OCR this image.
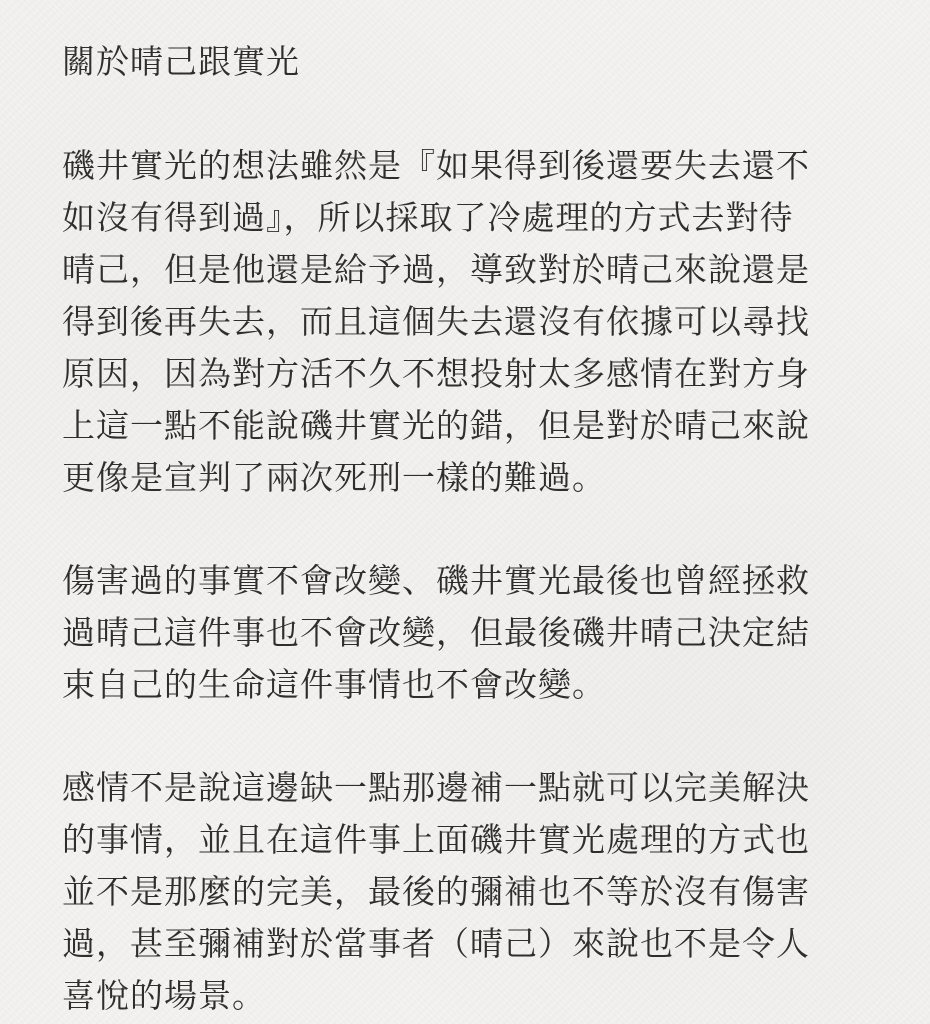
關於晴己跟實光

磯井實光的想法雖然是『如果得到後還要失去還不
如沒有得到過』，所以採取了冷處理的方式去對待
晴己，但是他還是給予過，導致對於晴己來說還是
得到後再失去，而且這個失去還沒有依據可以尋找
原因，因為對方活不久不想投射太多感情在對方身
上這一點不能說磯井實光的錯，但是對於晴己來說
更像是宣判了兩次死刑一樣的難過。

傷害過的事實不會改變、磯井實光最後也曾經拯救
過晴己這件事也不會改變，但最後磯井晴己決定結
束自己的生命這件事情也不會改變。

感情不是說這邊缺一點那邊補一點就可以完美解決
的事情，並且在這件事上面磯井實光處理的方式也
並不是那麼的完美，最後的彌補也不等於沒有傷害
過，甚至彌補對於當事者（晴己）來說也不是令人
喜悅的場景。
